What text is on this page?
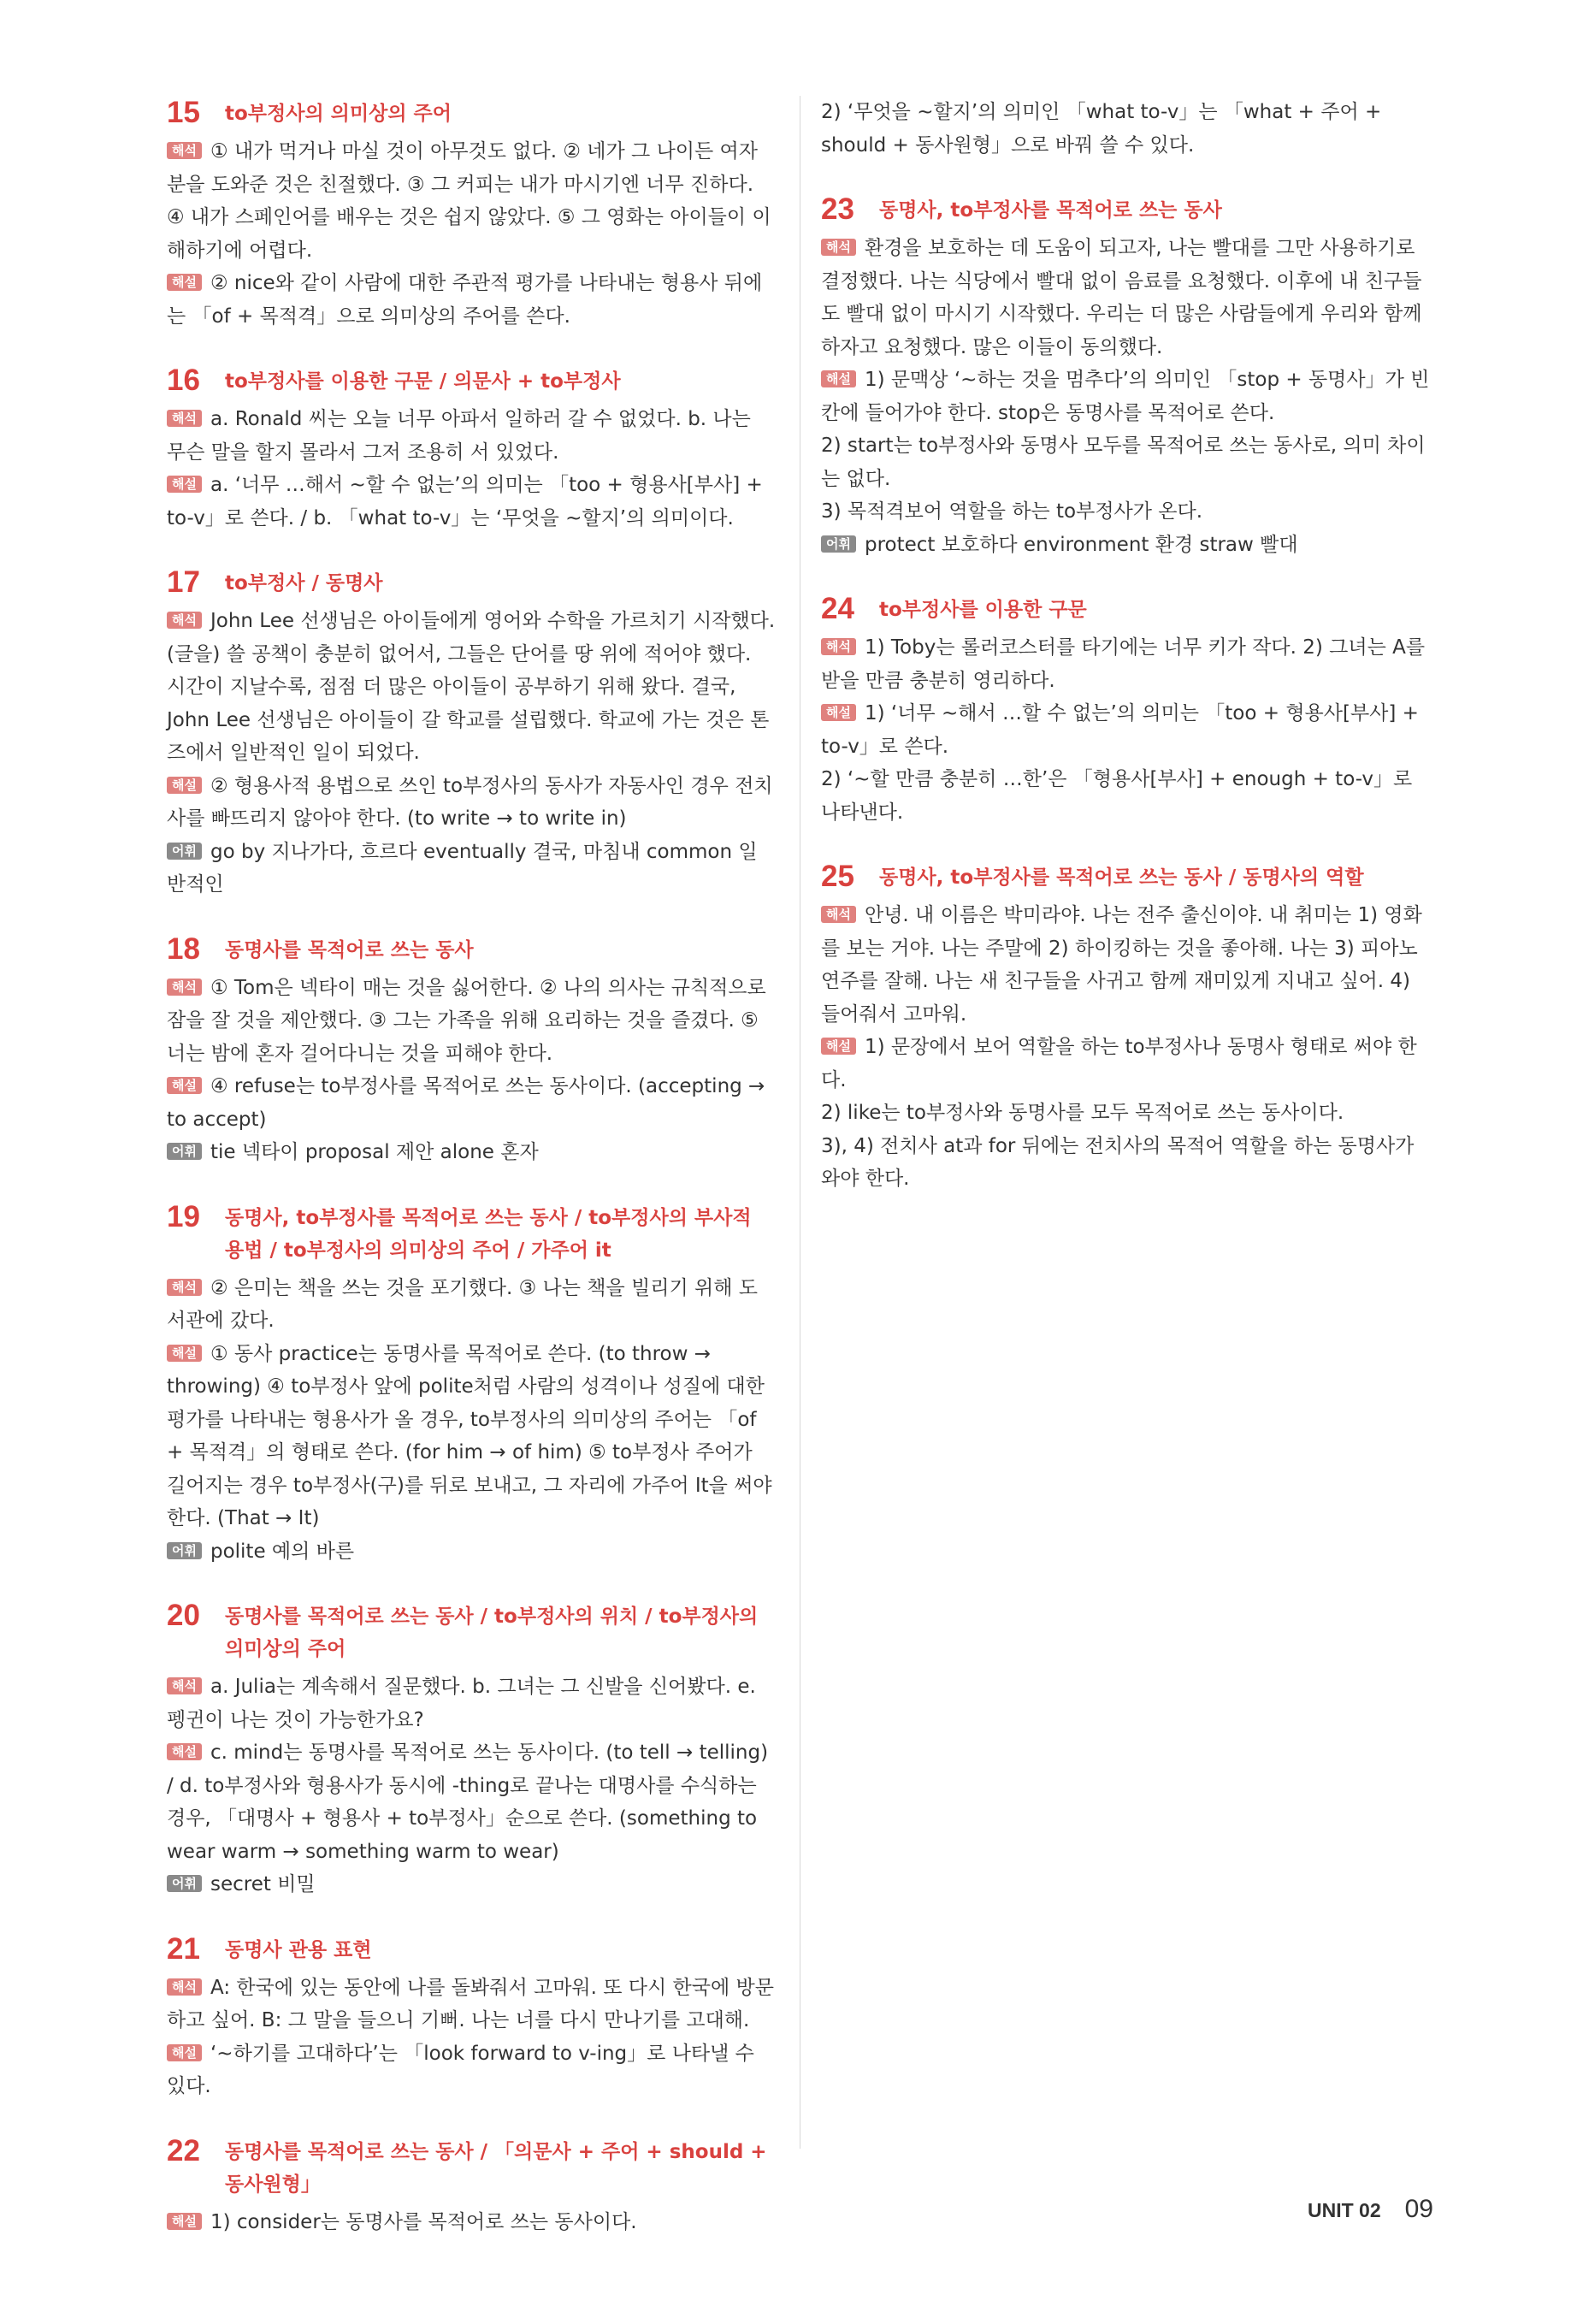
15	to부정사의 의미상의 주어

해석 ① 내가 먹거나 마실 것이 아무것도 없다. ② 네가 그 나이든 여자분을 도와준 것은 친절했다. ③ 그 커피는 내가 마시기엔 너무 진하다. ④ 내가 스페인어를 배우는 것은 쉽지 않았다. ⑤ 그 영화는 아이들이 이해하기에 어렵다.

해설 ② nice와 같이 사람에 대한 주관적 평가를 나타내는 형용사 뒤에는 「of + 목적격」으로 의미상의 주어를 쓴다.

16	to부정사를 이용한 구문 / 의문사 + to부정사

해석 a. Ronald 씨는 오늘 너무 아파서 일하러 갈 수 없었다. b. 나는 무슨 말을 할지 몰라서 그저 조용히 서 있었다.

해설 a. ‘너무 …해서 ~할 수 없는’의 의미는 「too + 형용사[부사] + to-v」로 쓴다. / b. 「what to-v」는 ‘무엇을 ~할지’의 의미이다.

17	to부정사 / 동명사

해석 John Lee 선생님은 아이들에게 영어와 수학을 가르치기 시작했다. (글을) 쓸 공책이 충분히 없어서, 그들은 단어를 땅 위에 적어야 했다. 시간이 지날수록, 점점 더 많은 아이들이 공부하기 위해 왔다. 결국, John Lee 선생님은 아이들이 갈 학교를 설립했다. 학교에 가는 것은 톤즈에서 일반적인 일이 되었다.

해설 ② 형용사적 용법으로 쓰인 to부정사의 동사가 자동사인 경우 전치사를 빠뜨리지 않아야 한다. (to write → to write in)

어휘 go by 지나가다, 흐르다 eventually 결국, 마침내 common 일반적인

18	동명사를 목적어로 쓰는 동사

해석 ① Tom은 넥타이 매는 것을 싫어한다. ② 나의 의사는 규칙적으로 잠을 잘 것을 제안했다. ③ 그는 가족을 위해 요리하는 것을 즐겼다. ⑤ 너는 밤에 혼자 걸어다니는 것을 피해야 한다.

해설 ④ refuse는 to부정사를 목적어로 쓰는 동사이다. (accepting → to accept)

어휘 tie 넥타이 proposal 제안 alone 혼자

19	동명사, to부정사를 목적어로 쓰는 동사 / to부정사의 부사적 용법 / to부정사의 의미상의 주어 / 가주어 it

해석 ② 은미는 책을 쓰는 것을 포기했다. ③ 나는 책을 빌리기 위해 도서관에 갔다.

해설 ① 동사 practice는 동명사를 목적어로 쓴다. (to throw → throwing) ④ to부정사 앞에 polite처럼 사람의 성격이나 성질에 대한 평가를 나타내는 형용사가 올 경우, to부정사의 의미상의 주어는 「of + 목적격」의 형태로 쓴다. (for him → of him) ⑤ to부정사 주어가 길어지는 경우 to부정사(구)를 뒤로 보내고, 그 자리에 가주어 It을 써야 한다. (That → It)

어휘 polite 예의 바른

20	동명사를 목적어로 쓰는 동사 / to부정사의 위치 / to부정사의 의미상의 주어

해석 a. Julia는 계속해서 질문했다. b. 그녀는 그 신발을 신어봤다. e. 펭귄이 나는 것이 가능한가요?

해설 c. mind는 동명사를 목적어로 쓰는 동사이다. (to tell → telling) / d. to부정사와 형용사가 동시에 -thing로 끝나는 대명사를 수식하는 경우, 「대명사 + 형용사 + to부정사」순으로 쓴다. (something to wear warm → something warm to wear)

어휘 secret 비밀

21	동명사 관용 표현

해석 A: 한국에 있는 동안에 나를 돌봐줘서 고마워. 또 다시 한국에 방문하고 싶어. B: 그 말을 들으니 기뻐. 나는 너를 다시 만나기를 고대해.

해설 ‘~하기를 고대하다’는 「look forward to v-ing」로 나타낼 수 있다.

22	동명사를 목적어로 쓰는 동사 / 「의문사 + 주어 + should + 동사원형」

해설 1) consider는 동명사를 목적어로 쓰는 동사이다.

2) ‘무엇을 ~할지’의 의미인 「what to-v」는 「what + 주어 + should + 동사원형」으로 바꿔 쓸 수 있다.

23	동명사, to부정사를 목적어로 쓰는 동사

해석 환경을 보호하는 데 도움이 되고자, 나는 빨대를 그만 사용하기로 결정했다. 나는 식당에서 빨대 없이 음료를 요청했다. 이후에 내 친구들도 빨대 없이 마시기 시작했다. 우리는 더 많은 사람들에게 우리와 함께하자고 요청했다. 많은 이들이 동의했다.

해설 1) 문맥상 ‘~하는 것을 멈추다’의 의미인 「stop + 동명사」가 빈칸에 들어가야 한다. stop은 동명사를 목적어로 쓴다.

2) start는 to부정사와 동명사 모두를 목적어로 쓰는 동사로, 의미 차이는 없다.

3) 목적격보어 역할을 하는 to부정사가 온다.

어휘 protect 보호하다 environment 환경 straw 빨대

24	to부정사를 이용한 구문

해석 1) Toby는 롤러코스터를 타기에는 너무 키가 작다. 2) 그녀는 A를 받을 만큼 충분히 영리하다.

해설 1) ‘너무 ~해서 …할 수 없는’의 의미는 「too + 형용사[부사] + to-v」로 쓴다.

2) ‘~할 만큼 충분히 …한’은 「형용사[부사] + enough + to-v」로 나타낸다.

25	동명사, to부정사를 목적어로 쓰는 동사 / 동명사의 역할

해석 안녕. 내 이름은 박미라야. 나는 전주 출신이야. 내 취미는 1) 영화를 보는 거야. 나는 주말에 2) 하이킹하는 것을 좋아해. 나는 3) 피아노 연주를 잘해. 나는 새 친구들을 사귀고 함께 재미있게 지내고 싶어. 4) 들어줘서 고마워.

해설 1) 문장에서 보어 역할을 하는 to부정사나 동명사 형태로 써야 한다.

2) like는 to부정사와 동명사를 모두 목적어로 쓰는 동사이다.

3), 4) 전치사 at과 for 뒤에는 전치사의 목적어 역할을 하는 동명사가 와야 한다.

UNIT 02 09
